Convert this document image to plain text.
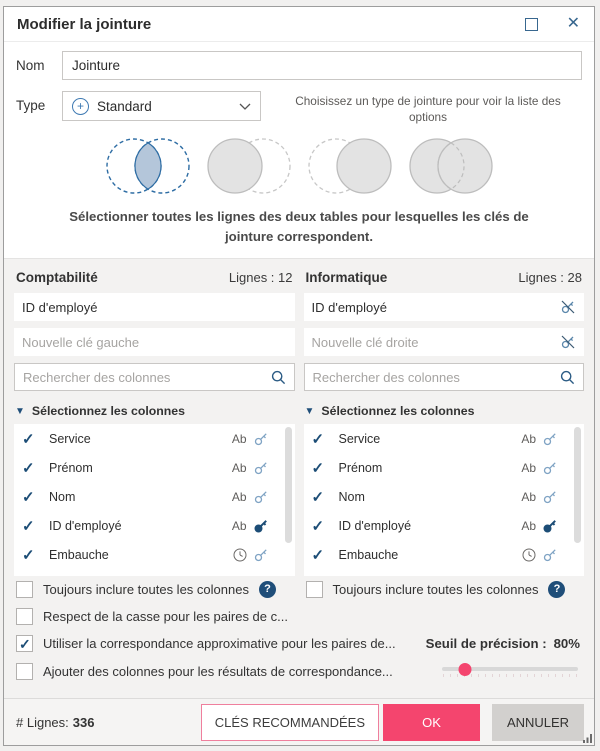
Modifier la jointure	✕
Nom
Jointure
Type	+ Standard	Choisissez un type de jointure pour voir la liste des options
Sélectionner toutes les lignes des deux tables pour lesquelles les clés de jointure correspondent.
Comptabilité	Lignes : 12
ID d'employé
Nouvelle clé gauche
Rechercher des colonnes
▼ Sélectionnez les colonnes
✓	Service	Ab
✓	Prénom	Ab
✓	Nom	Ab
✓	ID d'employé	Ab
✓	Embauche
Toujours inclure toutes les colonnes	?
Informatique	Lignes : 28
ID d'employé
Nouvelle clé droite
Rechercher des colonnes
▼ Sélectionnez les colonnes
✓	Service	Ab
✓	Prénom	Ab
✓	Nom	Ab
✓	ID d'employé	Ab
✓	Embauche
Toujours inclure toutes les colonnes	?
Respect de la casse pour les paires de c...
✓
Utiliser la correspondance approximative pour les paires de... Seuil de précision : 80%
Ajouter des colonnes pour les résultats de correspondance...
# Lignes: 336	CLÉS RECOMMANDÉES	OK	ANNULER
